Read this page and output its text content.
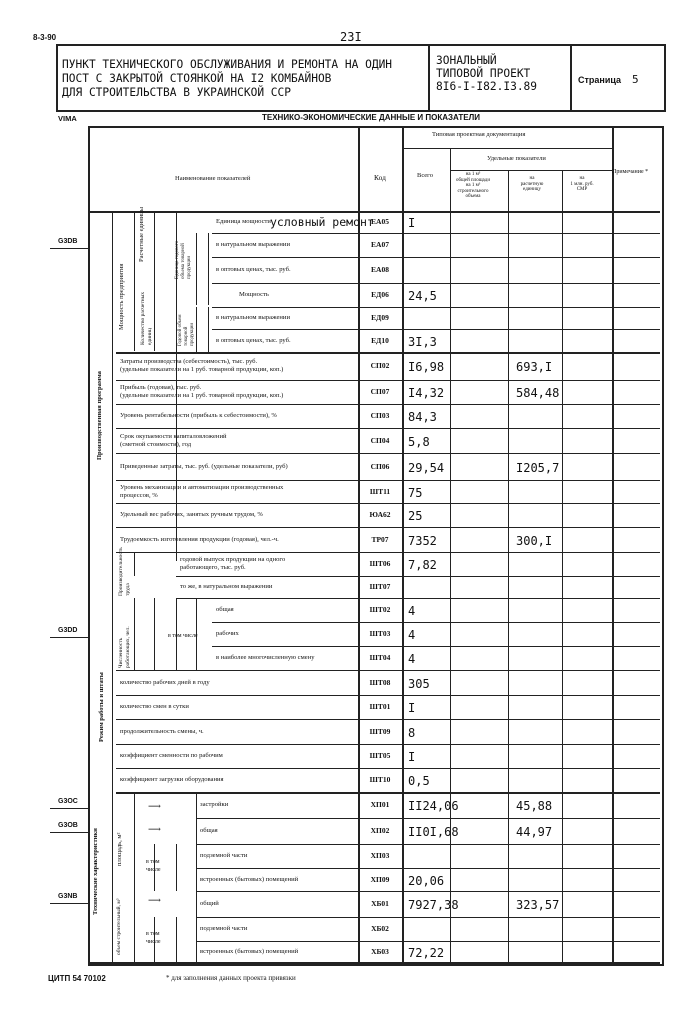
8-3-90	23I
ПУНКТ ТЕХНИЧЕСКОГО ОБСЛУЖИВАНИЯ И РЕМОНТА НА ОДИН
ПОСТ С ЗАКРЫТОЙ СТОЯНКОЙ НА I2 КОМБАЙНОВ
ДЛЯ СТРОИТЕЛЬСТВА В УКРАИНСКОЙ ССР
ЗОНАЛЬНЫЙ
ТИПОВОЙ ПРОЕКТ
8I6-I-I82.I3.89	Страница 5
VIMA	ТЕХНИКО-ЭКОНОМИЧЕСКИЕ ДАННЫЕ И ПОКАЗАТЕЛИ
Наименование показателей	Код
Типовая проектная документация
Всего
Удельные показатели
на 1 м³
общей площади
на 1 м³
строительного
объема
на
расчетную
единицу
на
1 млн. руб.
СМР
Примечание *
G3DB
G3DD
G3OC
G3OB
G3NB
Производственная программа
Мощность предприятия
Расчетные единицы	Единица годового объема товарной продукции
Количество расчетных единиц	Годовой объем товарной продукции
Производительность труда
Режим работы и штаты
Численность работающих, чел.
Технические характеристики	площадь, м²
объем строительный, м³
в том числе
в том числе
в том числе
⟶
⟶
⟶
Единица мощности условный ремонт
ЕА05	I
в натуральном выражении	ЕА07
в оптовых ценах, тыс. руб.	ЕА08
Мощность	ЕД06	24,5
в натуральном выражении	ЕД09
в оптовых ценах, тыс. руб.	ЕД10	3I,3
Затраты производства (себестоимость), тыс. руб.
(удельные показатели на 1 руб. товарной продукции, коп.)	СП02	I6,98	693,I
Прибыль (годовая), тыс. руб.
(удельные показатели на 1 руб. товарной продукции, коп.)	СП07	I4,32	584,48
Уровень рентабельности (прибыль к себестоимости), %	СП03	84,3
Срок окупаемости капиталовложений
(сметной стоимости), год	СП04	5,8
Приведенные затраты, тыс. руб. (удельные показатели, руб)	СП06	29,54	I205,7
Уровень механизации и автоматизации производственных
процессов, %	ШТ11	75
Удельный вес рабочих, занятых ручным трудом, %	ЮА62	25
Трудоемкость изготовления продукции (годовая), чел.-ч.	ТР07	7352	300,I
годовой выпуск продукции на одного
работающего, тыс. руб.	ШТ06	7,82
то же, в натуральном выражении	ШТ07
общая	ШТ02	4
рабочих	ШТ03	4
в наиболее многочисленную смену	ШТ04	4
количество рабочих дней в году	ШТ08	305
количество смен в сутки	ШТ01	I
продолжительность смены, ч.	ШТ09	8
коэффициент сменности по рабочим	ШТ05	I
коэффициент загрузки оборудования	ШТ10	0,5
застройки	ХП01	II24,06	45,88
общая	ХП02	II0I,68	44,97
подземной части	ХП03
встроенных (бытовых) помещений	ХП09	20,06
общий	ХБ01	7927,38	323,57
подземной части	ХБ02
встроенных (бытовых) помещений	ХБ03	72,22
ЦИТП 54 70102	* для заполнения данных проекта привязки
